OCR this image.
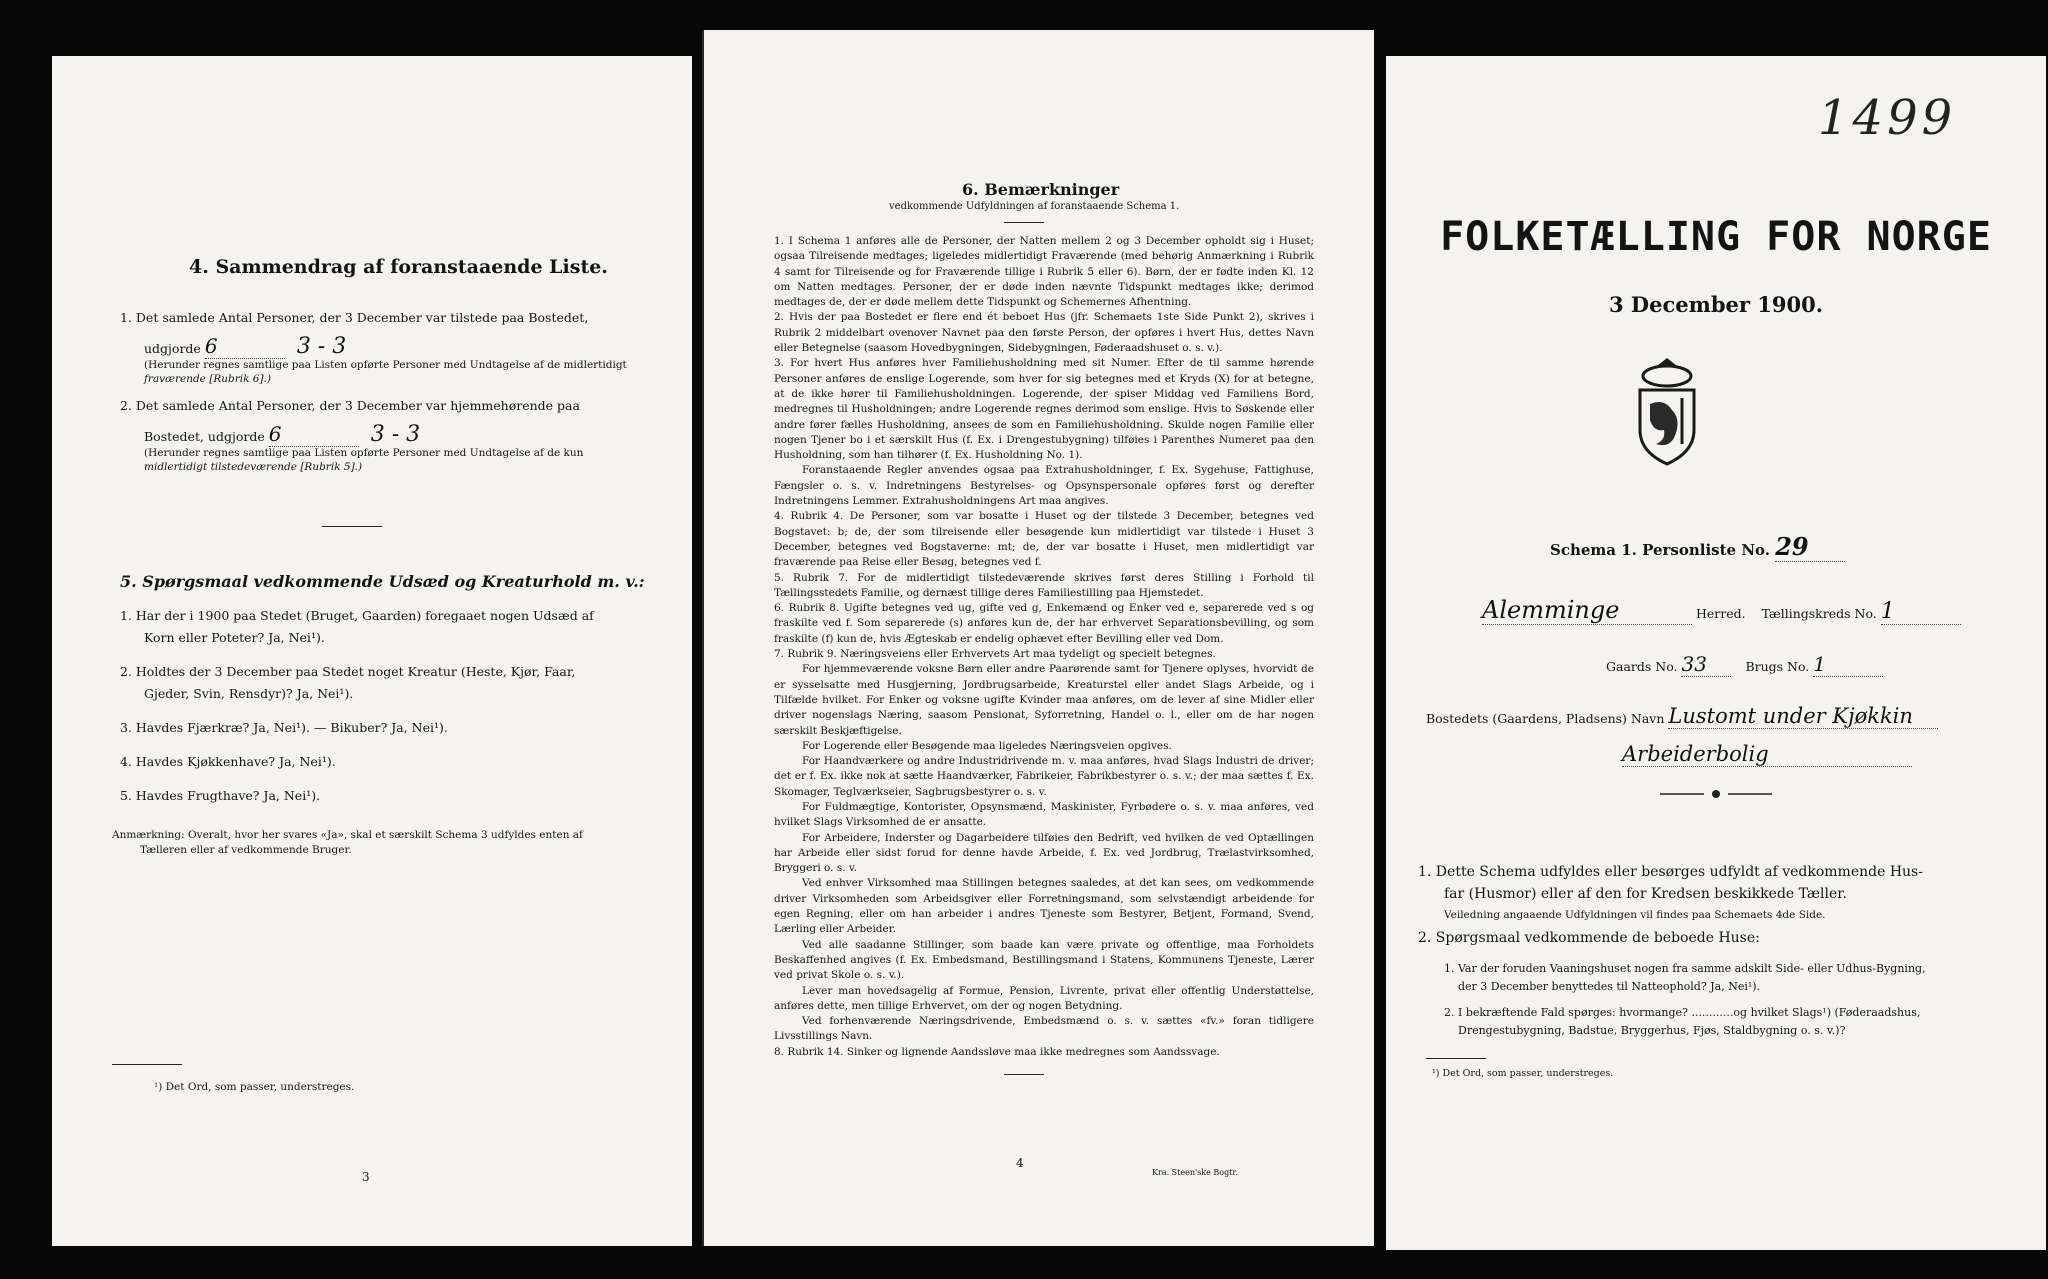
4. Sammendrag af foranstaaende Liste.
1. Det samlede Antal Personer, der 3 December var tilstede paa Bostedet,
udgjorde 6	3 - 3
(Herunder regnes samtlige paa Listen opførte Personer med Undtagelse af de midlertidigt
fraværende [Rubrik 6].)
2. Det samlede Antal Personer, der 3 December var hjemmehørende paa
Bostedet, udgjorde 6	3 - 3
(Herunder regnes samtlige paa Listen opførte Personer med Undtagelse af de kun
midlertidigt tilstedeværende [Rubrik 5].)
5. Spørgsmaal vedkommende Udsæd og Kreaturhold m. v.:
1. Har der i 1900 paa Stedet (Bruget, Gaarden) foregaaet nogen Udsæd af
Korn eller Poteter? Ja, Nei¹).
2. Holdtes der 3 December paa Stedet noget Kreatur (Heste, Kjør, Faar,
Gjeder, Svin, Rensdyr)? Ja, Nei¹).
3. Havdes Fjærkræ? Ja, Nei¹). — Bikuber? Ja, Nei¹).
4. Havdes Kjøkkenhave? Ja, Nei¹).
5. Havdes Frugthave? Ja, Nei¹).
Anmærkning: Overalt, hvor her svares «Ja», skal et særskilt Schema 3 udfyldes enten af
Tælleren eller af vedkommende Bruger.
¹) Det Ord, som passer, understreges.
3
6. Bemærkninger
vedkommende Udfyldningen af foranstaaende Schema 1.

1. I Schema 1 anføres alle de Personer, der Natten mellem 2 og 3 December opholdt sig i Huset; ogsaa Tilreisende medtages; ligeledes midlertidigt Fraværende (med behørig Anmærkning i Rubrik 4 samt for Tilreisende og for Fraværende tillige i Rubrik 5 eller 6). Børn, der er fødte inden Kl. 12 om Natten medtages. Personer, der er døde inden nævnte Tidspunkt medtages ikke; derimod medtages de, der er døde mellem dette Tidspunkt og Schemernes Afhentning.

2. Hvis der paa Bostedet er flere end ét beboet Hus (jfr. Schemaets 1ste Side Punkt 2), skrives i Rubrik 2 middelbart ovenover Navnet paa den første Person, der opføres i hvert Hus, dettes Navn eller Betegnelse (saasom Hovedbygningen, Sidebygningen, Føderaadshuset o. s. v.).

3. For hvert Hus anføres hver Familiehusholdning med sit Numer. Efter de til samme hørende Personer anføres de enslige Logerende, som hver for sig betegnes med et Kryds (X) for at betegne, at de ikke hører til Familiehusholdningen. Logerende, der spiser Middag ved Familiens Bord, medregnes til Husholdningen; andre Logerende regnes derimod som enslige. Hvis to Søskende eller andre fører fælles Husholdning, ansees de som en Familiehusholdning. Skulde nogen Familie eller nogen Tjener bo i et særskilt Hus (f. Ex. i Drengestubygning) tilføies i Parenthes Numeret paa den Husholdning, som han tilhører (f. Ex. Husholdning No. 1).

Foranstaaende Regler anvendes ogsaa paa Extrahusholdninger, f. Ex. Sygehuse, Fattighuse, Fængsler o. s. v. Indretningens Bestyrelses- og Opsynspersonale opføres først og derefter Indretningens Lemmer. Extrahusholdningens Art maa angives.

4. Rubrik 4. De Personer, som var bosatte i Huset og der tilstede 3 December, betegnes ved Bogstavet: b; de, der som tilreisende eller besøgende kun midlertidigt var tilstede i Huset 3 December, betegnes ved Bogstaverne: mt; de, der var bosatte i Huset, men midlertidigt var fraværende paa Reise eller Besøg, betegnes ved f.

5. Rubrik 7. For de midlertidigt tilstedeværende skrives først deres Stilling i Forhold til Tællingsstedets Familie, og dernæst tillige deres Familiestilling paa Hjemstedet.

6. Rubrik 8. Ugifte betegnes ved ug, gifte ved g, Enkemænd og Enker ved e, separerede ved s og fraskilte ved f. Som separerede (s) anføres kun de, der har erhvervet Separationsbevilling, og som fraskilte (f) kun de, hvis Ægteskab er endelig ophævet efter Bevilling eller ved Dom.

7. Rubrik 9. Næringsveiens eller Erhvervets Art maa tydeligt og specielt betegnes.

For hjemmeværende voksne Børn eller andre Paarørende samt for Tjenere oplyses, hvorvidt de er sysselsatte med Husgjerning, Jordbrugsarbeide, Kreaturstel eller andet Slags Arbeide, og i Tilfælde hvilket. For Enker og voksne ugifte Kvinder maa anføres, om de lever af sine Midler eller driver nogenslags Næring, saasom Pensionat, Syforretning, Handel o. l., eller om de har nogen særskilt Beskjæftigelse.

For Logerende eller Besøgende maa ligeledes Næringsveien opgives.

For Haandværkere og andre Industridrivende m. v. maa anføres, hvad Slags Industri de driver; det er f. Ex. ikke nok at sætte Haandværker, Fabrikeier, Fabrikbestyrer o. s. v.; der maa sættes f. Ex. Skomager, Teglværkseier, Sagbrugsbestyrer o. s. v.

For Fuldmægtige, Kontorister, Opsynsmænd, Maskinister, Fyrbødere o. s. v. maa anføres, ved hvilket Slags Virksomhed de er ansatte.

For Arbeidere, Inderster og Dagarbeidere tilføies den Bedrift, ved hvilken de ved Optællingen har Arbeide eller sidst forud for denne havde Arbeide, f. Ex. ved Jordbrug, Trælastvirksomhed, Bryggeri o. s. v.

Ved enhver Virksomhed maa Stillingen betegnes saaledes, at det kan sees, om vedkommende driver Virksomheden som Arbeidsgiver eller Forretningsmand, som selvstændigt arbeidende for egen Regning, eller om han arbeider i andres Tjeneste som Bestyrer, Betjent, Formand, Svend, Lærling eller Arbeider.

Ved alle saadanne Stillinger, som baade kan være private og offentlige, maa Forholdets Beskaffenhed angives (f. Ex. Embedsmand, Bestillingsmand i Statens, Kommunens Tjeneste, Lærer ved privat Skole o. s. v.).

Lever man hovedsagelig af Formue, Pension, Livrente, privat eller offentlig Understøttelse, anføres dette, men tillige Erhvervet, om der og nogen Betydning.

Ved forhenværende Næringsdrivende, Embedsmænd o. s. v. sættes «fv.» foran tidligere Livsstillings Navn.

8. Rubrik 14. Sinker og lignende Aandssløve maa ikke medregnes som Aandssvage.

4
Kra. Steen'ske Bogtr.
1499
FOLKETÆLLING FOR NORGE
3 December 1900.
Schema 1. Personliste No. 29
Alemminge	Herred. Tællingskreds No. 1
Gaards No. 33	Brugs No. 1
Bostedets (Gaardens, Pladsens) Navn Lustomt under Kjøkkin
Arbeiderbolig
1. Dette Schema udfyldes eller besørges udfyldt af vedkommende Hus-
far (Husmor) eller af den for Kredsen beskikkede Tæller.
Veiledning angaaende Udfyldningen vil findes paa Schemaets 4de Side.
2. Spørgsmaal vedkommende de beboede Huse:
1. Var der foruden Vaaningshuset nogen fra samme adskilt Side- eller Udhus-Bygning,
der 3 December benyttedes til Natteophold? Ja, Nei¹).
2. I bekræftende Fald spørges: hvormange? ............og hvilket Slags¹) (Føderaadshus,
Drengestubygning, Badstue, Bryggerhus, Fjøs, Staldbygning o. s. v.)?
¹) Det Ord, som passer, understreges.
